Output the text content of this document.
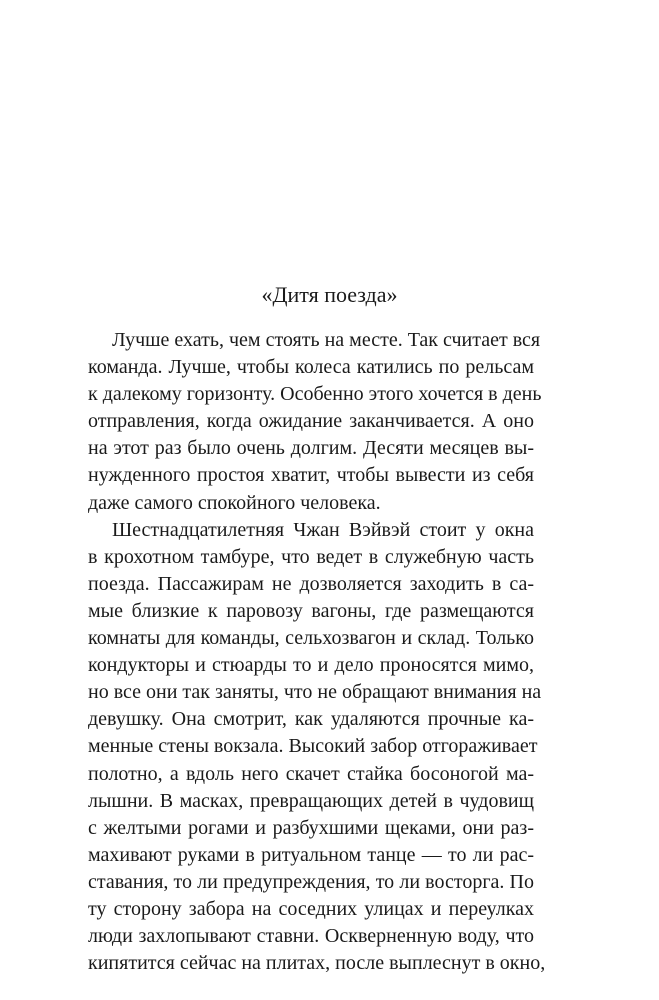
«Дитя поезда»
Лучше ехать, чем стоять на месте. Так считает вся
команда. Лучше, чтобы колеса катились по рельсам
к далекому горизонту. Особенно этого хочется в день
отправления, когда ожидание заканчивается. А оно
на этот раз было очень долгим. Десяти месяцев вы-
нужденного простоя хватит, чтобы вывести из себя
даже самого спокойного человека.
Шестнадцатилетняя Чжан Вэйвэй стоит у окна
в крохотном тамбуре, что ведет в служебную часть
поезда. Пассажирам не дозволяется заходить в са-
мые близкие к паровозу вагоны, где размещаются
комнаты для команды, сельхозвагон и склад. Только
кондукторы и стюарды то и дело проносятся мимо,
но все они так заняты, что не обращают внимания на
девушку. Она смотрит, как удаляются прочные ка-
менные стены вокзала. Высокий забор отгораживает
полотно, а вдоль него скачет стайка босоногой ма-
лышни. В масках, превращающих детей в чудовищ
с желтыми рогами и разбухшими щеками, они раз-
махивают руками в ритуальном танце — то ли рас-
ставания, то ли предупреждения, то ли восторга. По
ту сторону забора на соседних улицах и переулках
люди захлопывают ставни. Оскверненную воду, что
кипятится сейчас на плитах, после выплеснут в окно,
